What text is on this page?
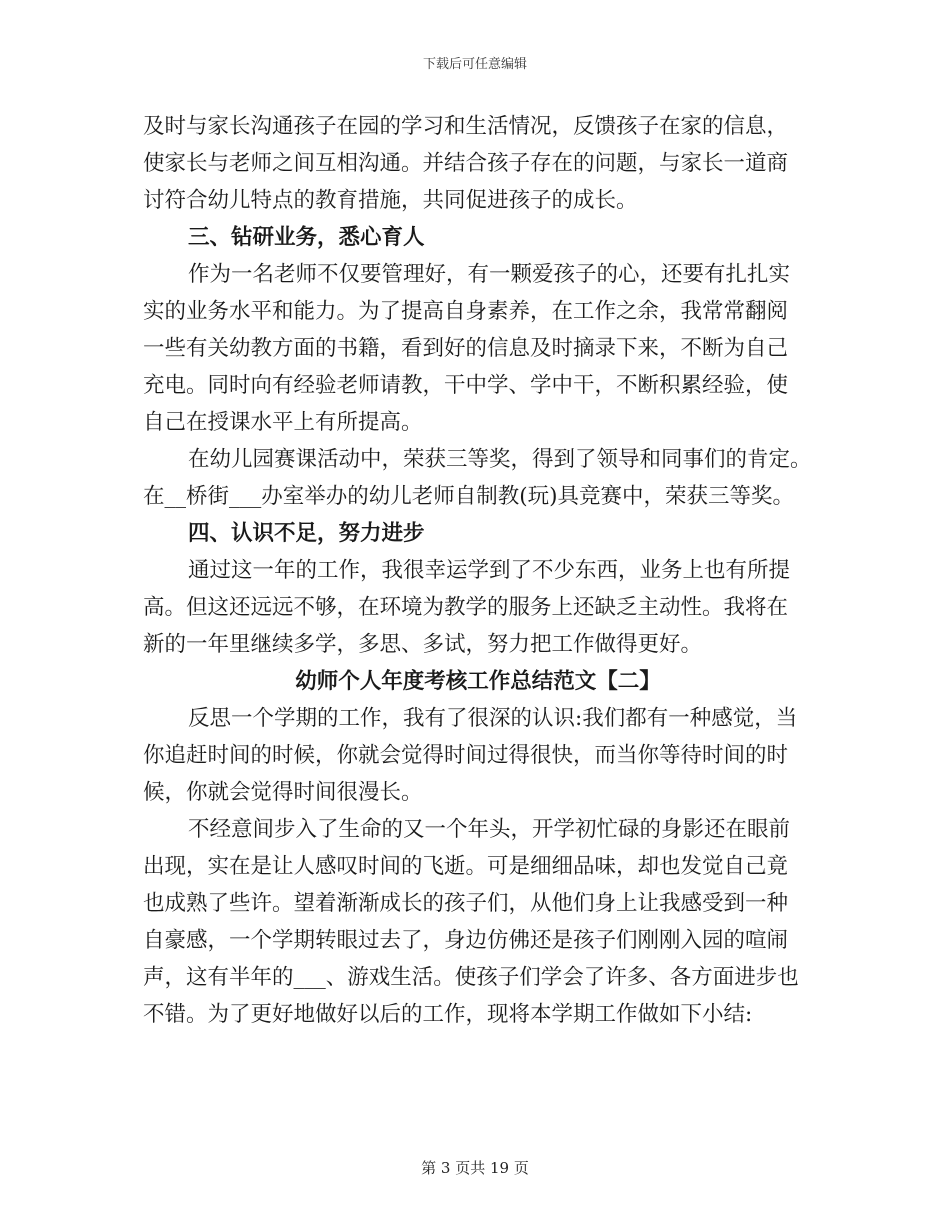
下载后可任意编辑
及时与家长沟通孩子在园的学习和生活情况，反馈孩子在家的信息，
使家长与老师之间互相沟通。并结合孩子存在的问题，与家长一道商
讨符合幼儿特点的教育措施，共同促进孩子的成长。
三、钻研业务，悉心育人
作为一名老师不仅要管理好，有一颗爱孩子的心，还要有扎扎实
实的业务水平和能力。为了提高自身素养，在工作之余，我常常翻阅
一些有关幼教方面的书籍，看到好的信息及时摘录下来，不断为自己
充电。同时向有经验老师请教，干中学、学中干，不断积累经验，使
自己在授课水平上有所提高。
在幼儿园赛课活动中，荣获三等奖，得到了领导和同事们的肯定。
在__桥街___办室举办的幼儿老师自制教(玩)具竞赛中，荣获三等奖。
四、认识不足，努力进步
通过这一年的工作，我很幸运学到了不少东西，业务上也有所提
高。但这还远远不够，在环境为教学的服务上还缺乏主动性。我将在
新的一年里继续多学，多思、多试，努力把工作做得更好。
幼师个人年度考核工作总结范文【二】
反思一个学期的工作，我有了很深的认识:我们都有一种感觉，当
你追赶时间的时候，你就会觉得时间过得很快，而当你等待时间的时
候，你就会觉得时间很漫长。
不经意间步入了生命的又一个年头，开学初忙碌的身影还在眼前
出现，实在是让人感叹时间的飞逝。可是细细品味，却也发觉自己竟
也成熟了些许。望着渐渐成长的孩子们，从他们身上让我感受到一种
自豪感，一个学期转眼过去了，身边仿佛还是孩子们刚刚入园的喧闹
声，这有半年的___、游戏生活。使孩子们学会了许多、各方面进步也
不错。为了更好地做好以后的工作，现将本学期工作做如下小结:
第 3 页共 19 页
